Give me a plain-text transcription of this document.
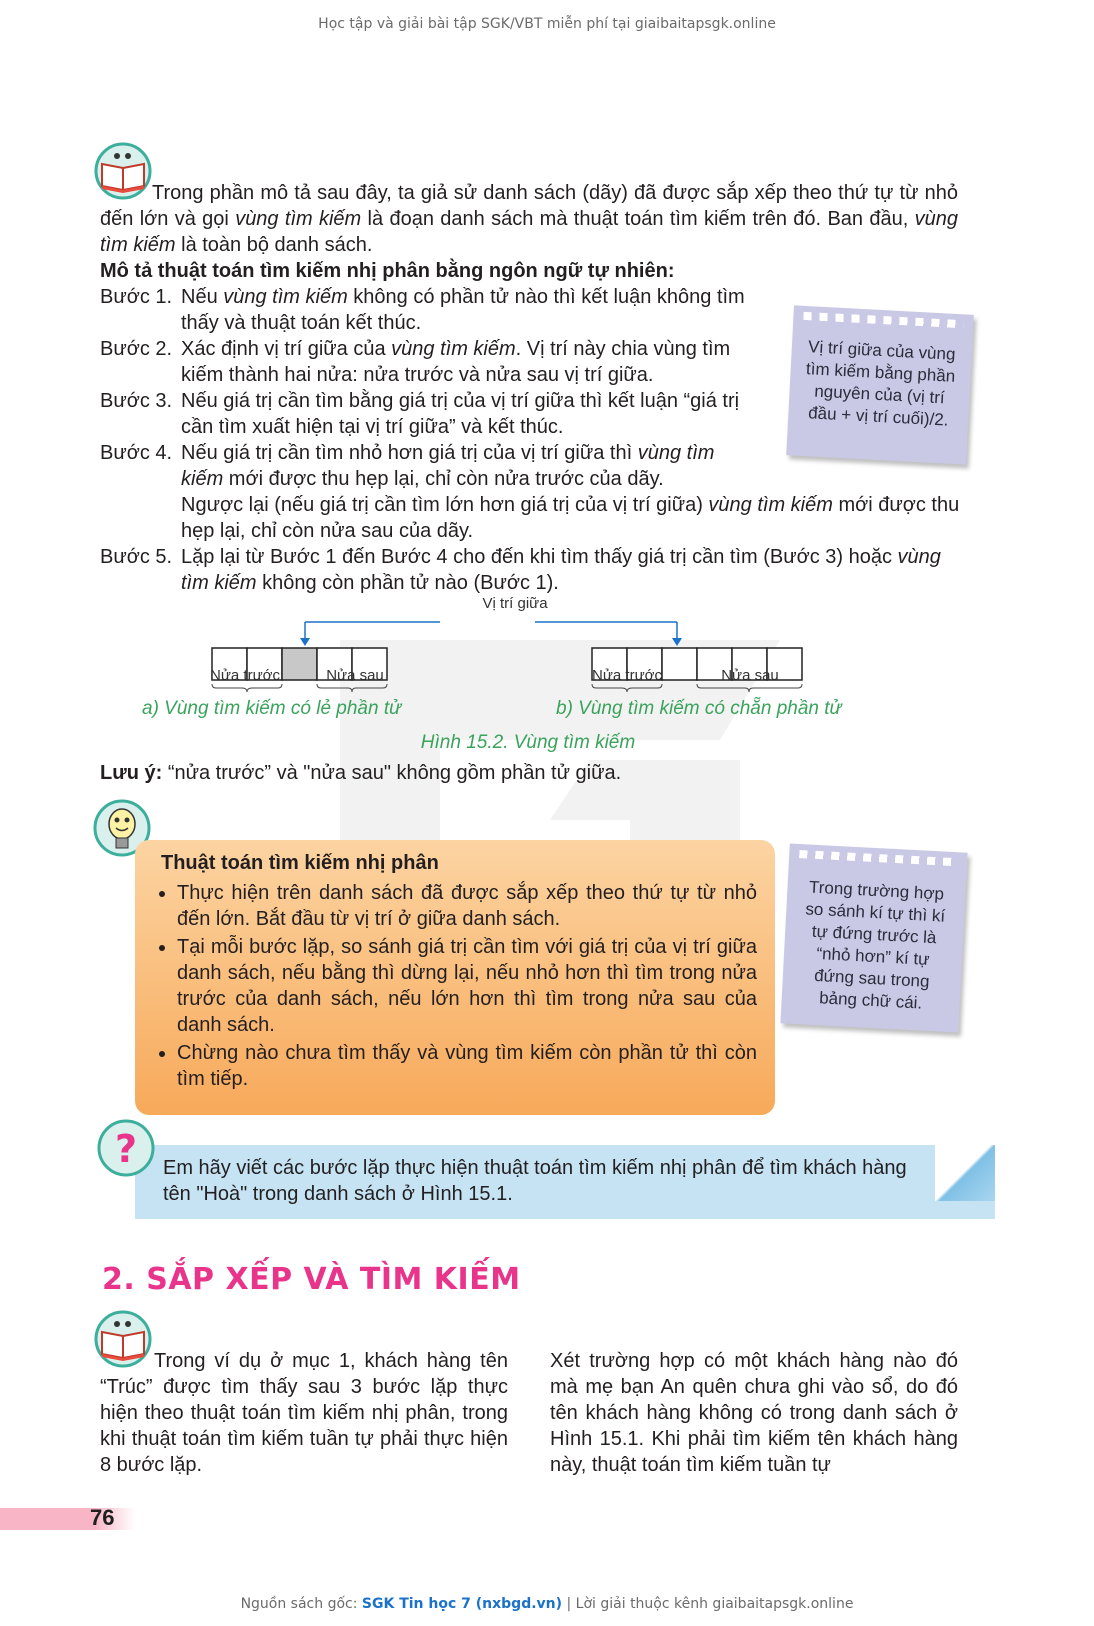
Học tập và giải bài tập SGK/VBT miễn phí tại giaibaitapsgk.online
Trong phần mô tả sau đây, ta giả sử danh sách (dãy) đã được sắp xếp theo thứ tự từ nhỏ đến lớn và gọi vùng tìm kiếm là đoạn danh sách mà thuật toán tìm kiếm trên đó. Ban đầu, vùng tìm kiếm là toàn bộ danh sách.
Mô tả thuật toán tìm kiếm nhị phân bằng ngôn ngữ tự nhiên:
Bước 1. Nếu vùng tìm kiếm không có phần tử nào thì kết luận không tìm thấy và thuật toán kết thúc.
Bước 2. Xác định vị trí giữa của vùng tìm kiếm. Vị trí này chia vùng tìm kiếm thành hai nửa: nửa trước và nửa sau vị trí giữa.
Bước 3. Nếu giá trị cần tìm bằng giá trị của vị trí giữa thì kết luận “giá trị cần tìm xuất hiện tại vị trí giữa” và kết thúc.
Bước 4. Nếu giá trị cần tìm nhỏ hơn giá trị của vị trí giữa thì vùng tìm kiếm mới được thu hẹp lại, chỉ còn nửa trước của dãy.
Ngược lại (nếu giá trị cần tìm lớn hơn giá trị của vị trí giữa) vùng tìm kiếm mới được thu hẹp lại, chỉ còn nửa sau của dãy.
Bước 5. Lặp lại từ Bước 1 đến Bước 4 cho đến khi tìm thấy giá trị cần tìm (Bước 3) hoặc vùng tìm kiếm không còn phần tử nào (Bước 1).
Vị trí giữa của vùng tìm kiếm bằng phần nguyên của (vị trí đầu + vị trí cuối)/2.
Vị trí giữa
Nửa trước	Nửa sau	Nửa trước	Nửa sau
a) Vùng tìm kiếm có lẻ phần tử	b) Vùng tìm kiếm có chẵn phần tử
Hình 15.2. Vùng tìm kiếm
Lưu ý: “nửa trước” và "nửa sau" không gồm phần tử giữa.
Thuật toán tìm kiếm nhị phân
• Thực hiện trên danh sách đã được sắp xếp theo thứ tự từ nhỏ đến lớn. Bắt đầu từ vị trí ở giữa danh sách.
• Tại mỗi bước lặp, so sánh giá trị cần tìm với giá trị của vị trí giữa danh sách, nếu bằng thì dừng lại, nếu nhỏ hơn thì tìm trong nửa trước của danh sách, nếu lớn hơn thì tìm trong nửa sau của danh sách.
• Chừng nào chưa tìm thấy và vùng tìm kiếm còn phần tử thì còn tìm tiếp.
Trong trường hợp so sánh kí tự thì kí tự đứng trước là “nhỏ hơn” kí tự đứng sau trong bảng chữ cái.
Em hãy viết các bước lặp thực hiện thuật toán tìm kiếm nhị phân để tìm khách hàng tên "Hoà" trong danh sách ở Hình 15.1.
?
2. SẮP XẾP VÀ TÌM KIẾM
Trong ví dụ ở mục 1, khách hàng tên “Trúc” được tìm thấy sau 3 bước lặp thực hiện theo thuật toán tìm kiếm nhị phân, trong khi thuật toán tìm kiếm tuần tự phải thực hiện 8 bước lặp.
Xét trường hợp có một khách hàng nào đó mà mẹ bạn An quên chưa ghi vào sổ, do đó tên khách hàng không có trong danh sách ở Hình 15.1. Khi phải tìm kiếm tên khách hàng này, thuật toán tìm kiếm tuần tự
76
Nguồn sách gốc: SGK Tin học 7 (nxbgd.vn) | Lời giải thuộc kênh giaibaitapsgk.online
